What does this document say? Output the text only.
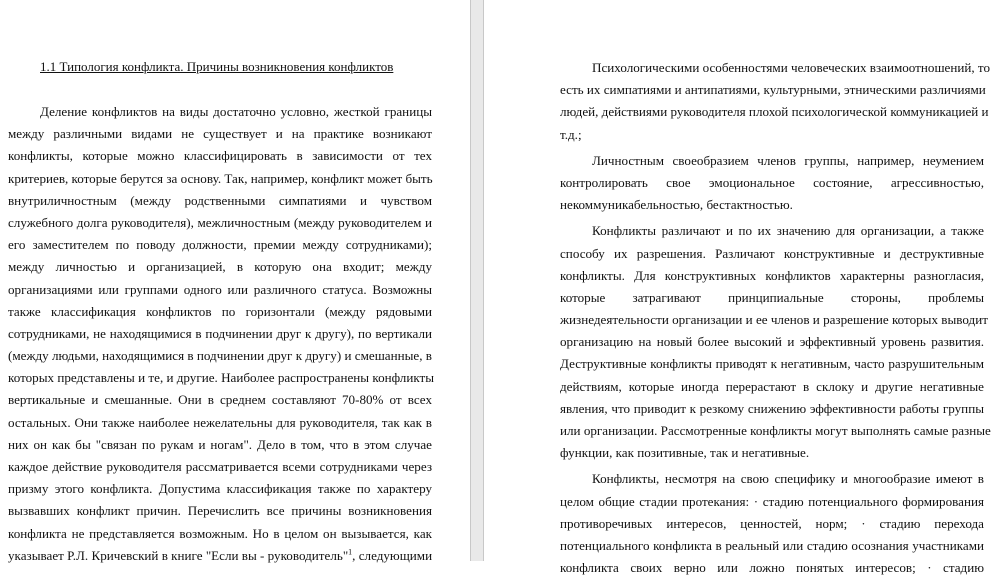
1.1 Типология конфликта. Причины возникновения конфликтов
Деление конфликтов на виды достаточно условно, жесткой границы
между различными видами не существует и на практике возникают
конфликты, которые можно классифицировать в зависимости от тех
критериев, которые берутся за основу. Так, например, конфликт может быть
внутриличностным (между родственными симпатиями и чувством
служебного долга руководителя), межличностным (между руководителем и
его заместителем по поводу должности, премии между сотрудниками);
между личностью и организацией, в которую она входит; между
организациями или группами одного или различного статуса. Возможны
также классификация конфликтов по горизонтали (между рядовыми
сотрудниками, не находящимися в подчинении друг к другу), по вертикали
(между людьми, находящимися в подчинении друг к другу) и смешанные, в
которых представлены и те, и другие. Наиболее распространены конфликты
вертикальные и смешанные. Они в среднем составляют 70-80% от всех
остальных. Они также наиболее нежелательны для руководителя, так как в
них он как бы "связан по рукам и ногам". Дело в том, что в этом случае
каждое действие руководителя рассматривается всеми сотрудниками через
призму этого конфликта. Допустима классификация также по характеру
вызвавших конфликт причин. Перечислить все причины возникновения
конфликта не представляется возможным. Но в целом он вызывается, как
указывает Р.Л. Кричевский в книге "Если вы - руководитель"$^1$, следующими
Психологическими особенностями человеческих взаимоотношений, то
есть их симпатиями и антипатиями, культурными, этническими различиями
людей, действиями руководителя плохой психологической коммуникацией и
т.д.;
Личностным своеобразием членов группы, например, неумением
контролировать свое эмоциональное состояние, агрессивностью,
некоммуникабельностью, бестактностью.
Конфликты различают и по их значению для организации, а также
способу их разрешения. Различают конструктивные и деструктивные
конфликты. Для конструктивных конфликтов характерны разногласия,
которые затрагивают принципиальные стороны, проблемы
жизнедеятельности организации и ее членов и разрешение которых выводит
организацию на новый более высокий и эффективный уровень развития.
Деструктивные конфликты приводят к негативным, часто разрушительным
действиям, которые иногда перерастают в склоку и другие негативные
явления, что приводит к резкому снижению эффективности работы группы
или организации. Рассмотренные конфликты могут выполнять самые разные
функции, как позитивные, так и негативные.
Конфликты, несмотря на свою специфику и многообразие имеют в
целом общие стадии протекания: · стадию потенциального формирования
противоречивых интересов, ценностей, норм; · стадию перехода
потенциального конфликта в реальный или стадию осознания участниками
конфликта своих верно или ложно понятых интересов; · стадию
